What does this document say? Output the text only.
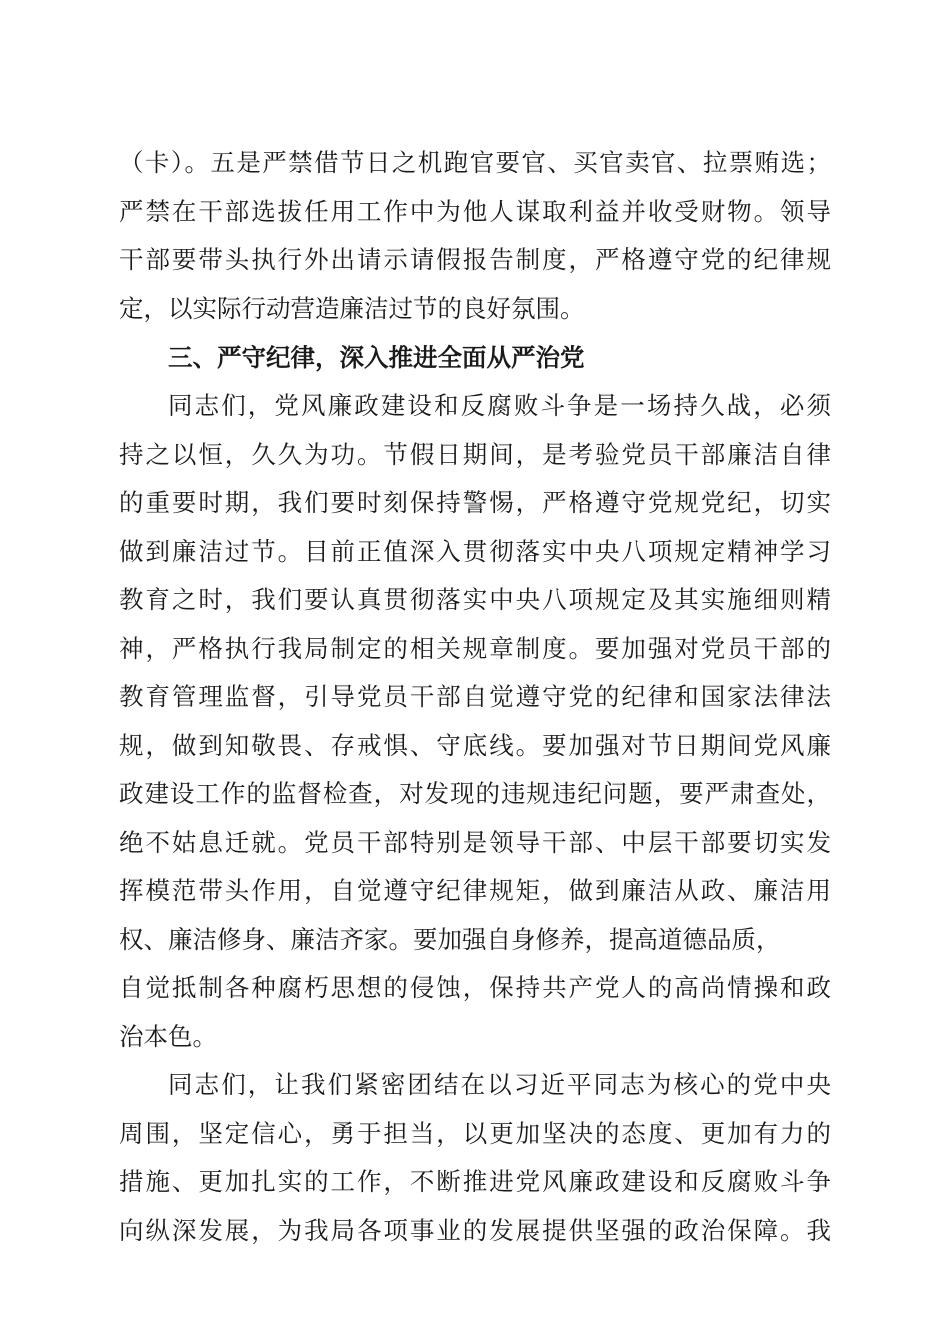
（卡）。五是严禁借节日之机跑官要官、买官卖官、拉票贿选；
严禁在干部选拔任用工作中为他人谋取利益并收受财物。领导
干部要带头执行外出请示请假报告制度，严格遵守党的纪律规
定，以实际行动营造廉洁过节的良好氛围。
三、严守纪律，深入推进全面从严治党
同志们，党风廉政建设和反腐败斗争是一场持久战，必须
持之以恒，久久为功。节假日期间，是考验党员干部廉洁自律
的重要时期，我们要时刻保持警惕，严格遵守党规党纪，切实
做到廉洁过节。目前正值深入贯彻落实中央八项规定精神学习
教育之时，我们要认真贯彻落实中央八项规定及其实施细则精
神，严格执行我局制定的相关规章制度。要加强对党员干部的
教育管理监督，引导党员干部自觉遵守党的纪律和国家法律法
规，做到知敬畏、存戒惧、守底线。要加强对节日期间党风廉
政建设工作的监督检查，对发现的违规违纪问题，要严肃查处，
绝不姑息迁就。党员干部特别是领导干部、中层干部要切实发
挥模范带头作用，自觉遵守纪律规矩，做到廉洁从政、廉洁用
权、廉洁修身、廉洁齐家。要加强自身修养，提高道德品质，
自觉抵制各种腐朽思想的侵蚀，保持共产党人的高尚情操和政
治本色。
同志们，让我们紧密团结在以习近平同志为核心的党中央
周围，坚定信心，勇于担当，以更加坚决的态度、更加有力的
措施、更加扎实的工作，不断推进党风廉政建设和反腐败斗争
向纵深发展，为我局各项事业的发展提供坚强的政治保障。我
